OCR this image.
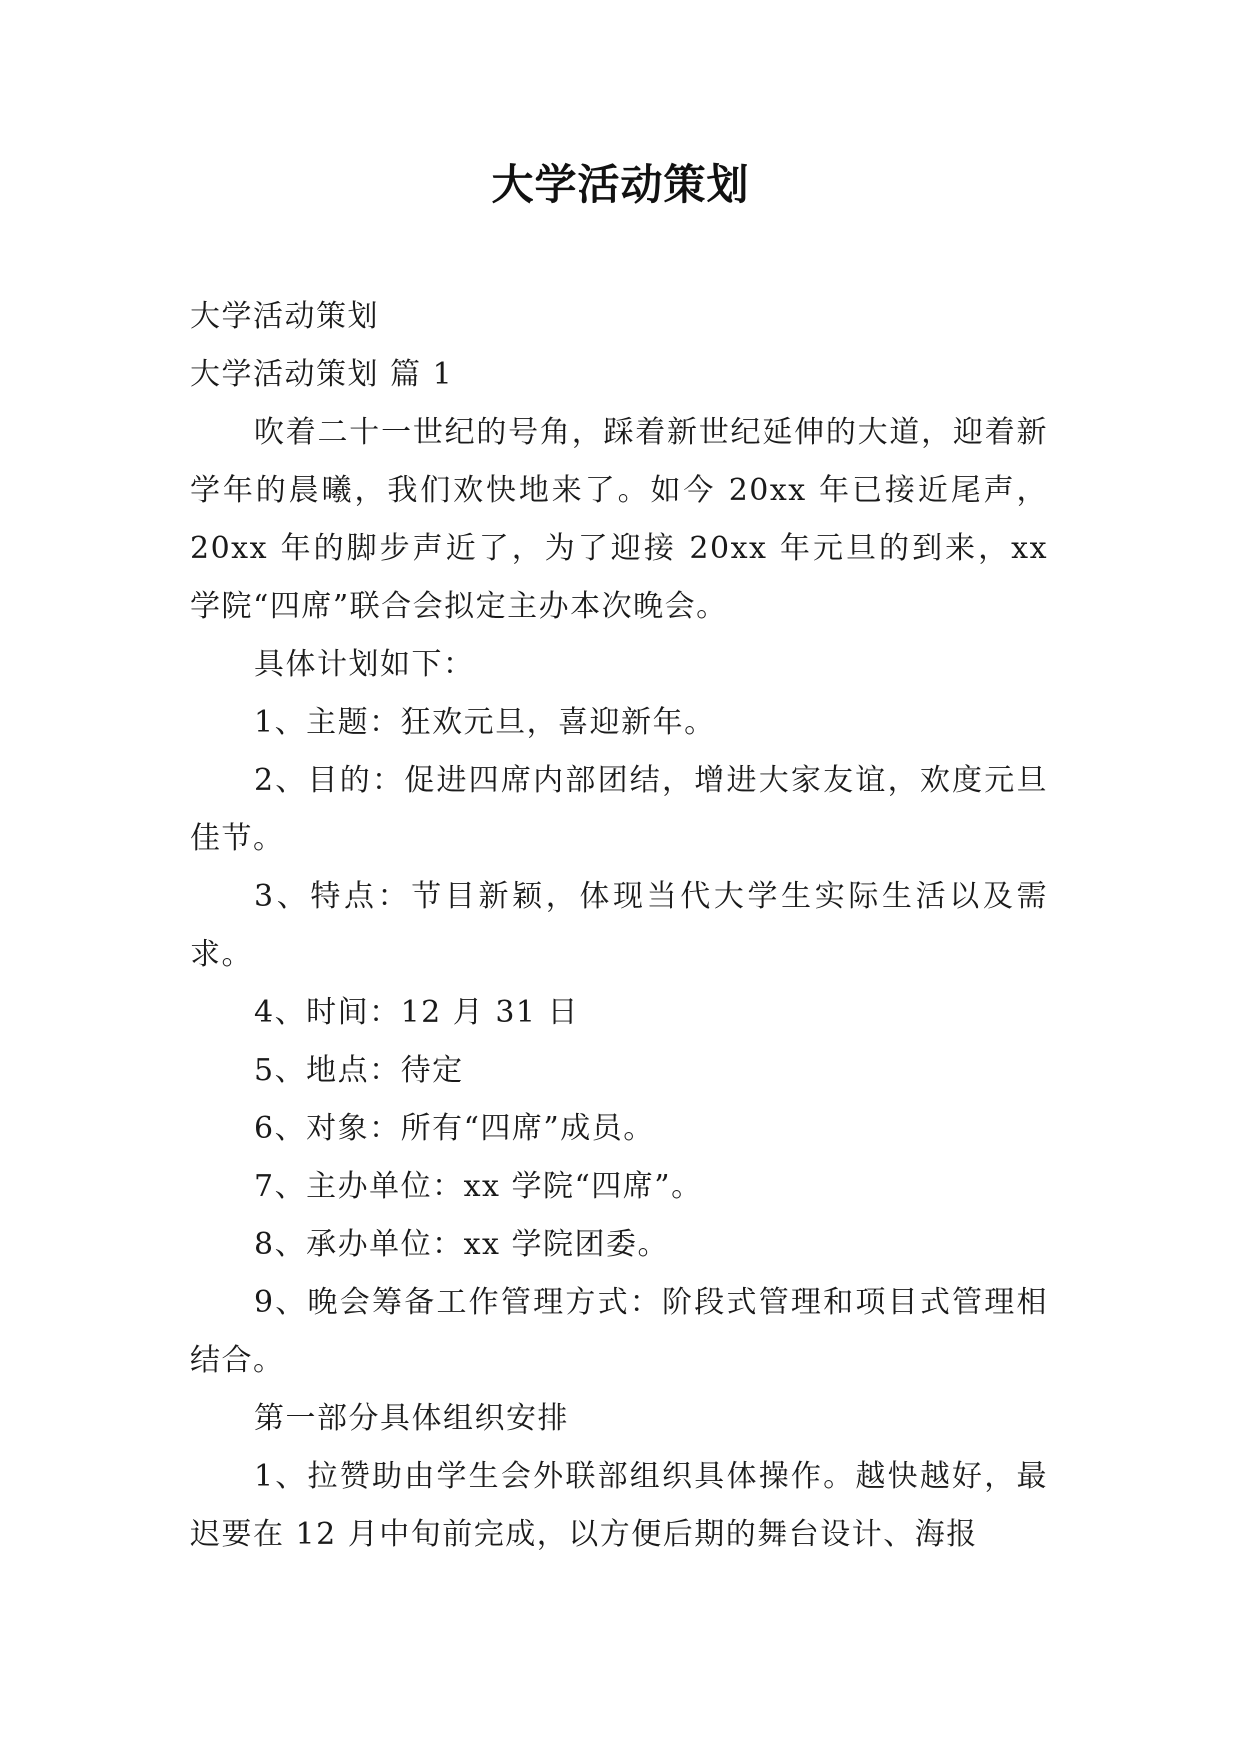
大学活动策划

大学活动策划

大学活动策划 篇 1

吹着二十一世纪的号角，踩着新世纪延伸的大道，迎着新学年的晨曦，我们欢快地来了。如今 20xx 年已接近尾声，20xx 年的脚步声近了，为了迎接 20xx 年元旦的到来，xx 学院“四席”联合会拟定主办本次晚会。

具体计划如下：

1、主题：狂欢元旦，喜迎新年。

2、目的：促进四席内部团结，增进大家友谊，欢度元旦佳节。

3、特点：节目新颖，体现当代大学生实际生活以及需求。

4、时间：12 月 31 日

5、地点：待定

6、对象：所有“四席”成员。

7、主办单位：xx 学院“四席”。

8、承办单位：xx 学院团委。

9、晚会筹备工作管理方式：阶段式管理和项目式管理相结合。

第一部分具体组织安排

1、拉赞助由学生会外联部组织具体操作。越快越好，最迟要在 12 月中旬前完成，以方便后期的舞台设计、海报
